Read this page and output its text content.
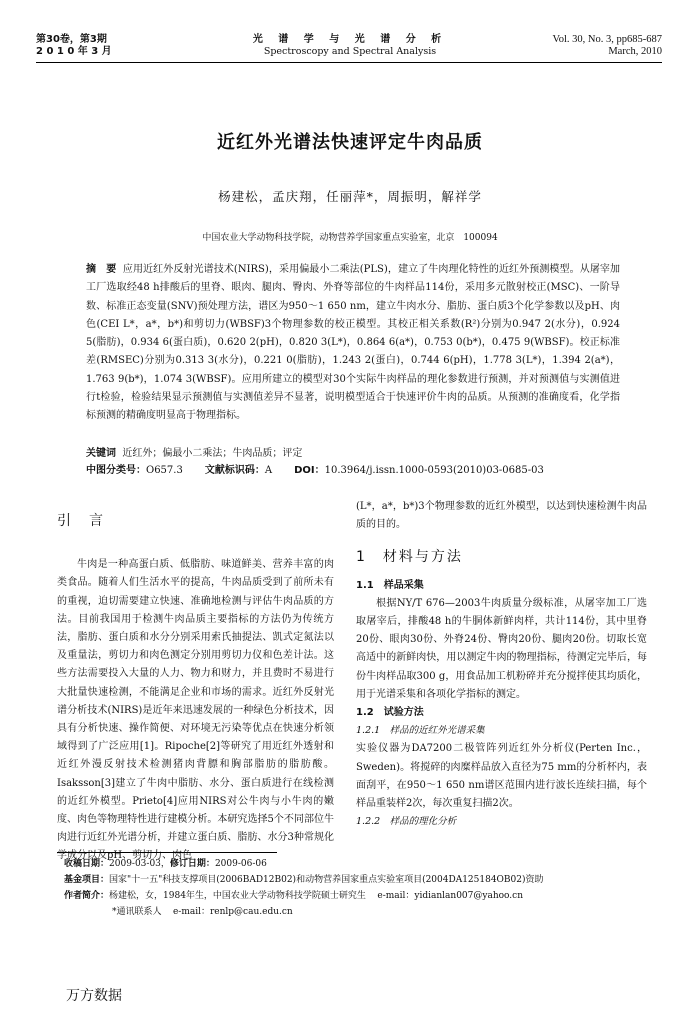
第30卷，第3期
2 0 1 0 年 3 月
光 谱 学 与 光 谱 分 析
Spectroscopy and Spectral Analysis
Vol. 30, No. 3, pp685-687
March, 2010
近红外光谱法快速评定牛肉品质
杨建松，孟庆翔，任丽萍*，周振明，解祥学
中国农业大学动物科技学院，动物营养学国家重点实验室，北京　100094
摘　要 应用近红外反射光谱技术(NIRS)，采用偏最小二乘法(PLS)，建立了牛肉理化特性的近红外预测模型。从屠宰加工厂选取经48 h排酸后的里脊、眼肉、腿肉、臀肉、外脊等部位的牛肉样品114份，采用多元散射校正(MSC)、一阶导数、标准正态变量(SNV)预处理方法，谱区为950～1 650 nm，建立牛肉水分、脂肪、蛋白质3个化学参数以及pH、肉色(CEI L*，a*，b*)和剪切力(WBSF)3个物理参数的校正模型。其校正相关系数(R²)分别为0.947 2(水分)，0.924 5(脂肪)，0.934 6(蛋白质)，0.620 2(pH)，0.820 3(L*)，0.864 6(a*)，0.753 0(b*)，0.475 9(WBSF)。校正标准差(RMSEC)分别为0.313 3(水分)，0.221 0(脂肪)，1.243 2(蛋白)，0.744 6(pH)，1.778 3(L*)，1.394 2(a*)，1.763 9(b*)，1.074 3(WBSF)。应用所建立的模型对30个实际牛肉样品的理化参数进行预测，并对预测值与实测值进行t检验，检验结果显示预测值与实测值差异不显著，说明模型适合于快速评价牛肉的品质。从预测的准确度看，化学指标预测的精确度明显高于物理指标。
关键词 近红外；偏最小二乘法；牛肉品质；评定
中图分类号：O657.3 文献标识码：A DOI：10.3964/j.issn.1000-0593(2010)03-0685-03
引　言

牛肉是一种高蛋白质、低脂肪、味道鲜美、营养丰富的肉类食品。随着人们生活水平的提高，牛肉品质受到了前所未有的重视，迫切需要建立快速、准确地检测与评估牛肉品质的方法。目前我国用于检测牛肉品质主要指标的方法仍为传统方法，脂肪、蛋白质和水分分别采用索氏抽提法、凯式定氮法以及重量法，剪切力和肉色测定分别用剪切力仪和色差计法。这些方法需要投入大量的人力、物力和财力，并且费时不易进行大批量快速检测，不能满足企业和市场的需求。近红外反射光谱分析技术(NIRS)是近年来迅速发展的一种绿色分析技术，因具有分析快速、操作简便、对环境无污染等优点在快速分析领域得到了广泛应用[1]。Ripoche[2]等研究了用近红外透射和近红外漫反射技术检测猪肉背膘和胸部脂肪的脂肪酸。Isaksson[3]建立了牛肉中脂肪、水分、蛋白质进行在线检测的近红外模型。Prieto[4]应用NIRS对公牛肉与小牛肉的嫩度、肉色等物理特性进行建模分析。本研究选择5个不同部位牛肉进行近红外光谱分析，并建立蛋白质、脂肪、水分3种常规化学成分以及pH、剪切力、肉色

(L*，a*，b*)3个物理参数的近红外模型，以达到快速检测牛肉品质的目的。

1　材料与方法
1.1　样品采集

根据NY/T 676—2003牛肉质量分级标准，从屠宰加工厂选取屠宰后，排酸48 h的牛胴体新鲜肉样，共计114份，其中里脊20份、眼肉30份、外脊24份、臀肉20份、腿肉20份。切取长宽高适中的新鲜肉快，用以测定牛肉的物理指标，待测定完毕后，每份牛肉样品取300 g，用食品加工机粉碎并充分搅拌使其均质化，用于光谱采集和各项化学指标的测定。

1.2　试验方法
1.2.1　样品的近红外光谱采集

实验仪器为DA7200二极管阵列近红外分析仪(Perten Inc.，Sweden)。将搅碎的肉糜样品放入直径为75 mm的分析杯内，表面刮平，在950～1 650 nm谱区范围内进行波长连续扫描，每个样品重装样2次，每次重复扫描2次。

1.2.2　样品的理化分析
收稿日期：2009-03-03，修订日期：2009-06-06
基金项目：国家"十一五"科技支撑项目(2006BAD12B02)和动物营养国家重点实验室项目(2004DA125184OB02)资助
作者简介：杨建松，女，1984年生，中国农业大学动物科技学院硕士研究生 e-mail：yidianlan007@yahoo.cn
*通讯联系人 e-mail：renlp@cau.edu.cn
万方数据
